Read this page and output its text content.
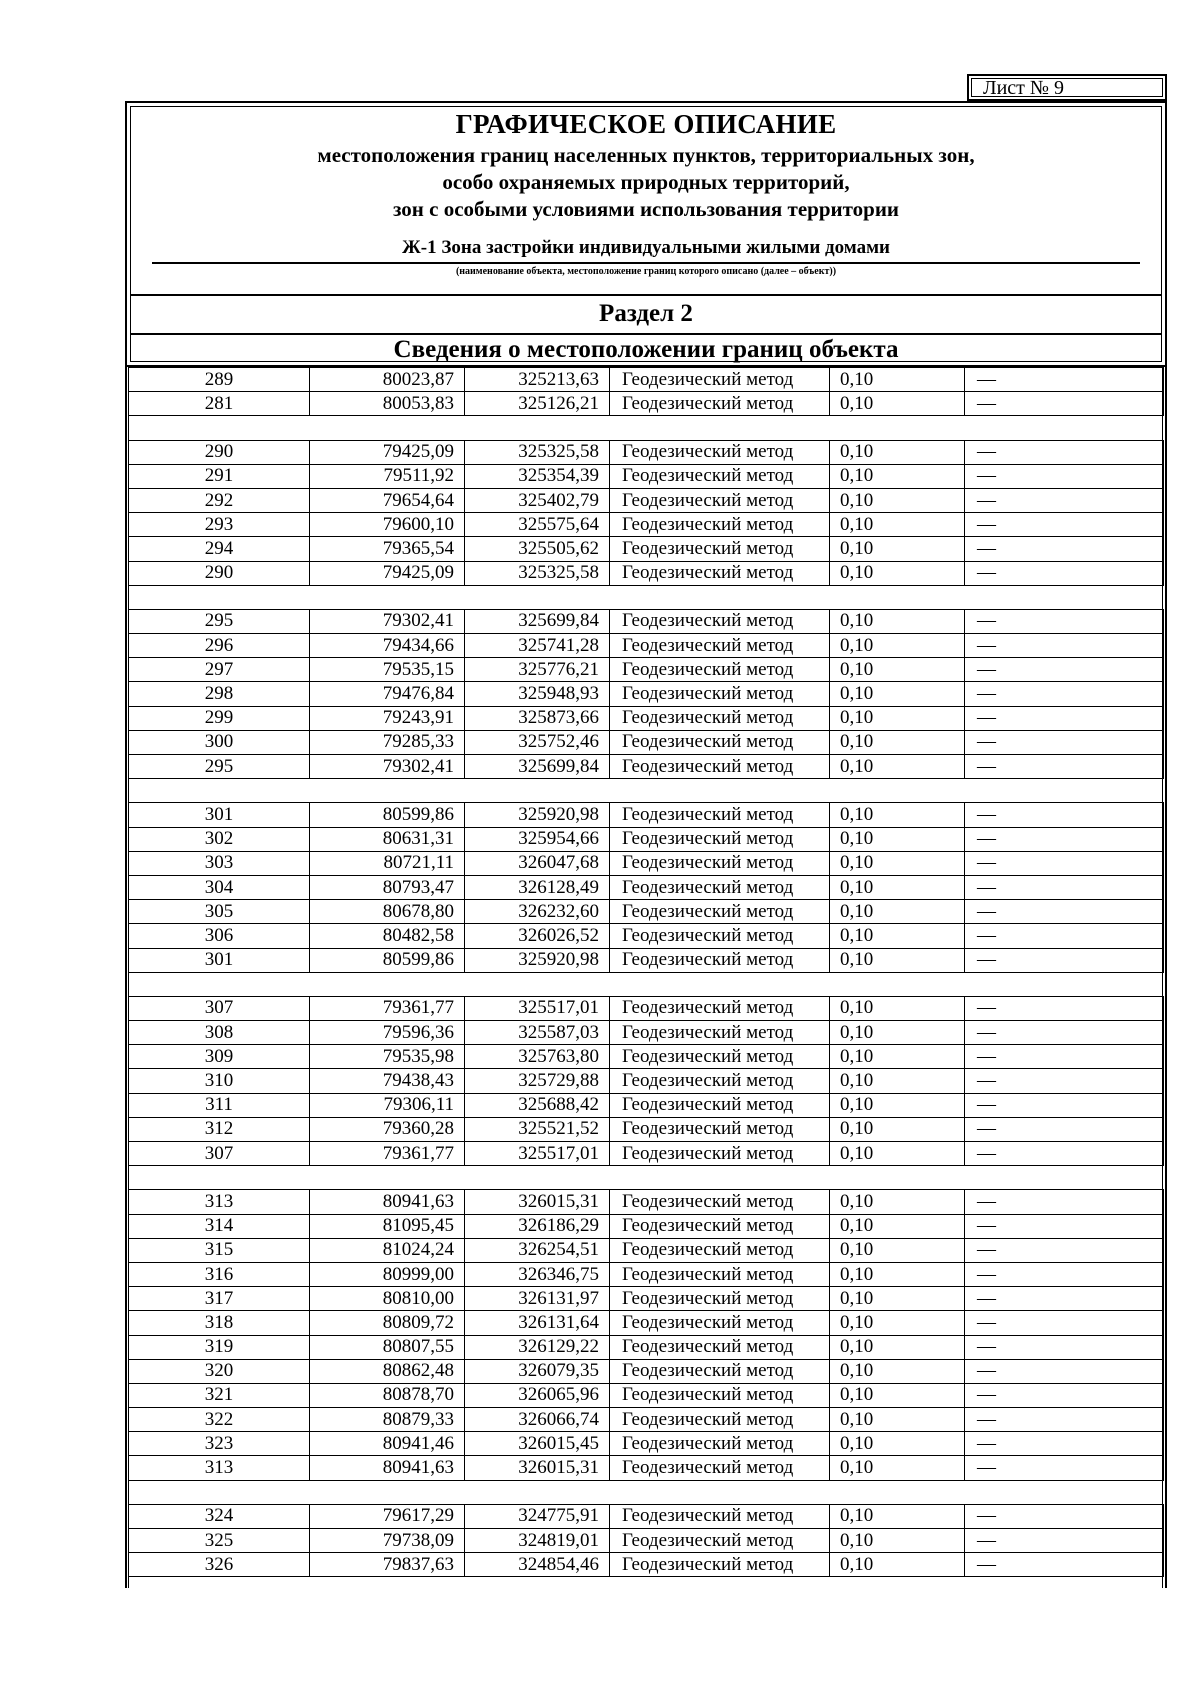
Лист № 9
ГРАФИЧЕСКОЕ ОПИСАНИЕ
местоположения границ населенных пунктов, территориальных зон,
особо охраняемых природных территорий,
зон с особыми условиями использования территории
Ж-1 Зона застройки индивидуальными жилыми домами
(наименование объекта, местоположение границ которого описано (далее – объект))
Раздел 2
Сведения о местоположении границ объекта
289	80023,87	325213,63	Геодезический метод	0,10	—
281	80053,83	325126,21	Геодезический метод	0,10	—

290	79425,09	325325,58	Геодезический метод	0,10	—
291	79511,92	325354,39	Геодезический метод	0,10	—
292	79654,64	325402,79	Геодезический метод	0,10	—
293	79600,10	325575,64	Геодезический метод	0,10	—
294	79365,54	325505,62	Геодезический метод	0,10	—
290	79425,09	325325,58	Геодезический метод	0,10	—

295	79302,41	325699,84	Геодезический метод	0,10	—
296	79434,66	325741,28	Геодезический метод	0,10	—
297	79535,15	325776,21	Геодезический метод	0,10	—
298	79476,84	325948,93	Геодезический метод	0,10	—
299	79243,91	325873,66	Геодезический метод	0,10	—
300	79285,33	325752,46	Геодезический метод	0,10	—
295	79302,41	325699,84	Геодезический метод	0,10	—

301	80599,86	325920,98	Геодезический метод	0,10	—
302	80631,31	325954,66	Геодезический метод	0,10	—
303	80721,11	326047,68	Геодезический метод	0,10	—
304	80793,47	326128,49	Геодезический метод	0,10	—
305	80678,80	326232,60	Геодезический метод	0,10	—
306	80482,58	326026,52	Геодезический метод	0,10	—
301	80599,86	325920,98	Геодезический метод	0,10	—

307	79361,77	325517,01	Геодезический метод	0,10	—
308	79596,36	325587,03	Геодезический метод	0,10	—
309	79535,98	325763,80	Геодезический метод	0,10	—
310	79438,43	325729,88	Геодезический метод	0,10	—
311	79306,11	325688,42	Геодезический метод	0,10	—
312	79360,28	325521,52	Геодезический метод	0,10	—
307	79361,77	325517,01	Геодезический метод	0,10	—

313	80941,63	326015,31	Геодезический метод	0,10	—
314	81095,45	326186,29	Геодезический метод	0,10	—
315	81024,24	326254,51	Геодезический метод	0,10	—
316	80999,00	326346,75	Геодезический метод	0,10	—
317	80810,00	326131,97	Геодезический метод	0,10	—
318	80809,72	326131,64	Геодезический метод	0,10	—
319	80807,55	326129,22	Геодезический метод	0,10	—
320	80862,48	326079,35	Геодезический метод	0,10	—
321	80878,70	326065,96	Геодезический метод	0,10	—
322	80879,33	326066,74	Геодезический метод	0,10	—
323	80941,46	326015,45	Геодезический метод	0,10	—
313	80941,63	326015,31	Геодезический метод	0,10	—

324	79617,29	324775,91	Геодезический метод	0,10	—
325	79738,09	324819,01	Геодезический метод	0,10	—
326	79837,63	324854,46	Геодезический метод	0,10	—
